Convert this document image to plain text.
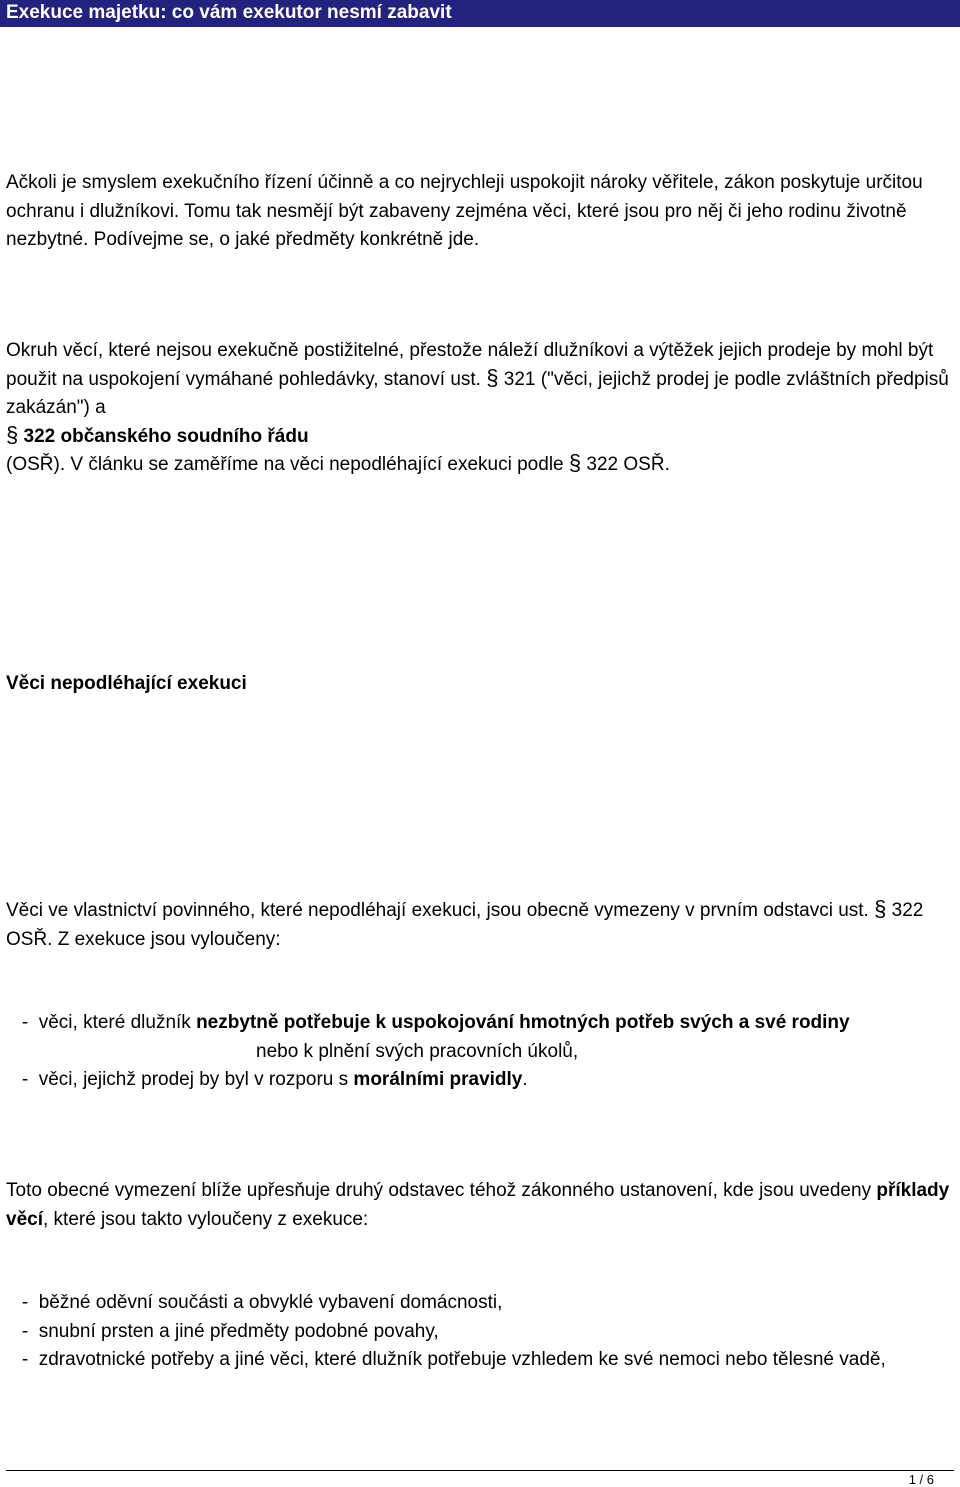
Exekuce majetku: co vám exekutor nesmí zabavit

Ačkoli je smyslem exekučního řízení účinně a co nejrychleji uspokojit nároky věřitele, zákon poskytuje určitou ochranu i dlužníkovi. Tomu tak nesmějí být zabaveny zejména věci, které jsou pro něj či jeho rodinu životně nezbytné. Podívejme se, o jaké předměty konkrétně jde.

Okruh věcí, které nejsou exekučně postižitelné, přestože náleží dlužníkovi a výtěžek jejich prodeje by mohl být použit na uspokojení vymáhané pohledávky, stanoví ust. § 321 ("věci, jejichž prodej je podle zvláštních předpisů zakázán") a
§ 322 občanského soudního řádu
(OSŘ). V článku se zaměříme na věci nepodléhající exekuci podle § 322 OSŘ.

Věci nepodléhající exekuci

Věci ve vlastnictví povinného, které nepodléhají exekuci, jsou obecně vymezeny v prvním odstavci ust. § 322 OSŘ. Z exekuce jsou vyloučeny:

-  věci, které dlužník nezbytně potřebuje k uspokojování hmotných potřeb svých a své rodinynebo k plnění svých pracovních úkolů,
-  věci, jejichž prodej by byl v rozporu s morálními pravidly.

Toto obecné vymezení blíže upřesňuje druhý odstavec téhož zákonného ustanovení, kde jsou uvedeny příklady věcí, které jsou takto vyloučeny z exekuce:

-  běžné oděvní součásti a obvyklé vybavení domácnosti,
-  snubní prsten a jiné předměty podobné povahy,
-  zdravotnické potřeby a jiné věci, které dlužník potřebuje vzhledem ke své nemoci nebo tělesné vadě,

1 / 6
